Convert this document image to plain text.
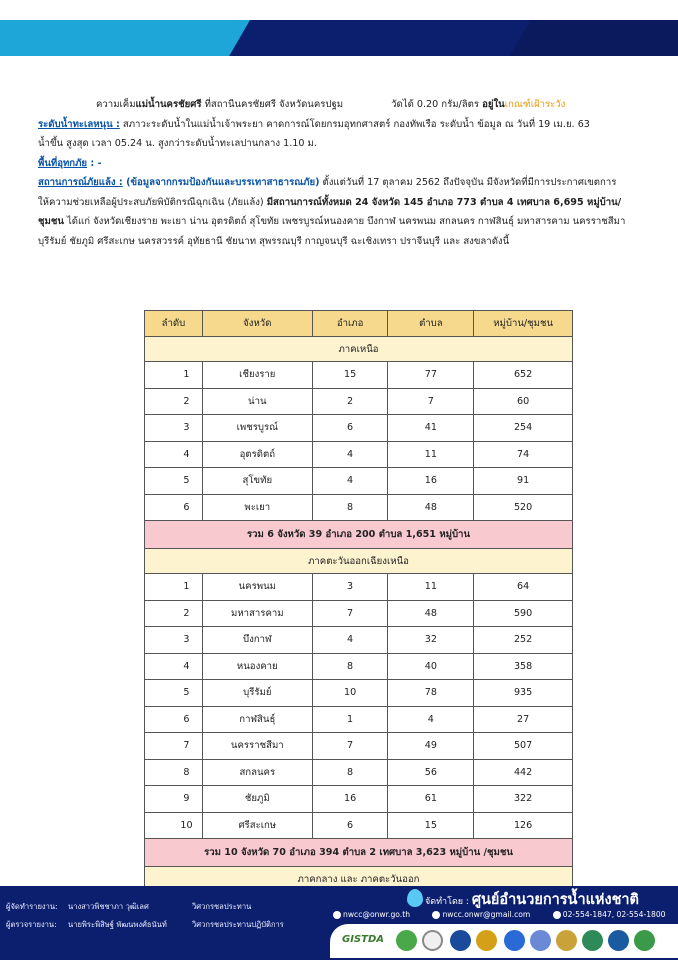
ความเค็มแม่น้ำนครชัยศรี ที่สถานีนครชัยศรี จังหวัดนครปฐม	วัดได้ 0.20 กรัม/ลิตร อยู่ในเกณฑ์เฝ้าระวัง

ระดับน้ำทะเลหนุน : สภาวะระดับน้ำในแม่น้ำเจ้าพระยา คาดการณ์โดยกรมอุทกศาสตร์ กองทัพเรือ ระดับน้ำ ข้อมูล ณ วันที่ 19 เม.ย. 63

น้ำขึ้น สูงสุด เวลา 05.24 น. สูงกว่าระดับน้ำทะเลปานกลาง 1.10 ม.

พื้นที่อุทกภัย : -

สถานการณ์ภัยแล้ง : (ข้อมูลจากกรมป้องกันและบรรเทาสาธารณภัย) ตั้งแต่วันที่ 17 ตุลาคม 2562 ถึงปัจจุบัน มีจังหวัดที่มีการประกาศเขตการ

ให้ความช่วยเหลือผู้ประสบภัยพิบัติกรณีฉุกเฉิน (ภัยแล้ง) มีสถานการณ์ทั้งหมด 24 จังหวัด 145 อำเภอ 773 ตำบล 4 เทศบาล 6,695 หมู่บ้าน/

ชุมชน ได้แก่ จังหวัดเชียงราย พะเยา น่าน อุตรดิตถ์ สุโขทัย เพชรบูรณ์หนองคาย บึงกาฬ นครพนม สกลนคร กาฬสินธุ์ มหาสารคาม นครราชสีมา

บุรีรัมย์ ชัยภูมิ ศรีสะเกษ นครสวรรค์ อุทัยธานี ชัยนาท สุพรรณบุรี กาญจนบุรี ฉะเชิงเทรา ปราจีนบุรี และ สงขลาดังนี้

ลำดับ	จังหวัด	อำเภอ	ตำบล	หมู่บ้าน/ชุมชน
ภาคเหนือ				
1	เชียงราย	15	77	652
2	น่าน	2	7	60
3	เพชรบูรณ์	6	41	254
4	อุตรดิตถ์	4	11	74
5	สุโขทัย	4	16	91
6	พะเยา	8	48	520
รวม 6 จังหวัด 39 อำเภอ 200 ตำบล 1,651 หมู่บ้าน				
ภาคตะวันออกเฉียงเหนือ				
1	นครพนม	3	11	64
2	มหาสารคาม	7	48	590
3	บึงกาฬ	4	32	252
4	หนองคาย	8	40	358
5	บุรีรัมย์	10	78	935
6	กาฬสินธุ์	1	4	27
7	นครราชสีมา	7	49	507
8	สกลนคร	8	56	442
9	ชัยภูมิ	16	61	322
10	ศรีสะเกษ	6	15	126
รวม 10 จังหวัด 70 อำเภอ 394 ตำบล 2 เทศบาล 3,623 หมู่บ้าน /ชุมชน				
ภาคกลาง และ ภาคตะวันออก				
ผู้จัดทำรายงาน: นางสาวพิชชาภา วุฒิเลศ	วิศวกรชลประทาน
ผู้ตรวจรายงาน: นายพิระพิสิษฐ์ พัฒนพงศ์ธนันท์	วิศวกรชลประทานปฏิบัติการ
จัดทำโดย : ศูนย์อำนวยการน้ำแห่งชาติ
nwcc@onwr.go.th	nwcc.onwr@gmail.com	02-554-1847, 02-554-1800
GISTDA
